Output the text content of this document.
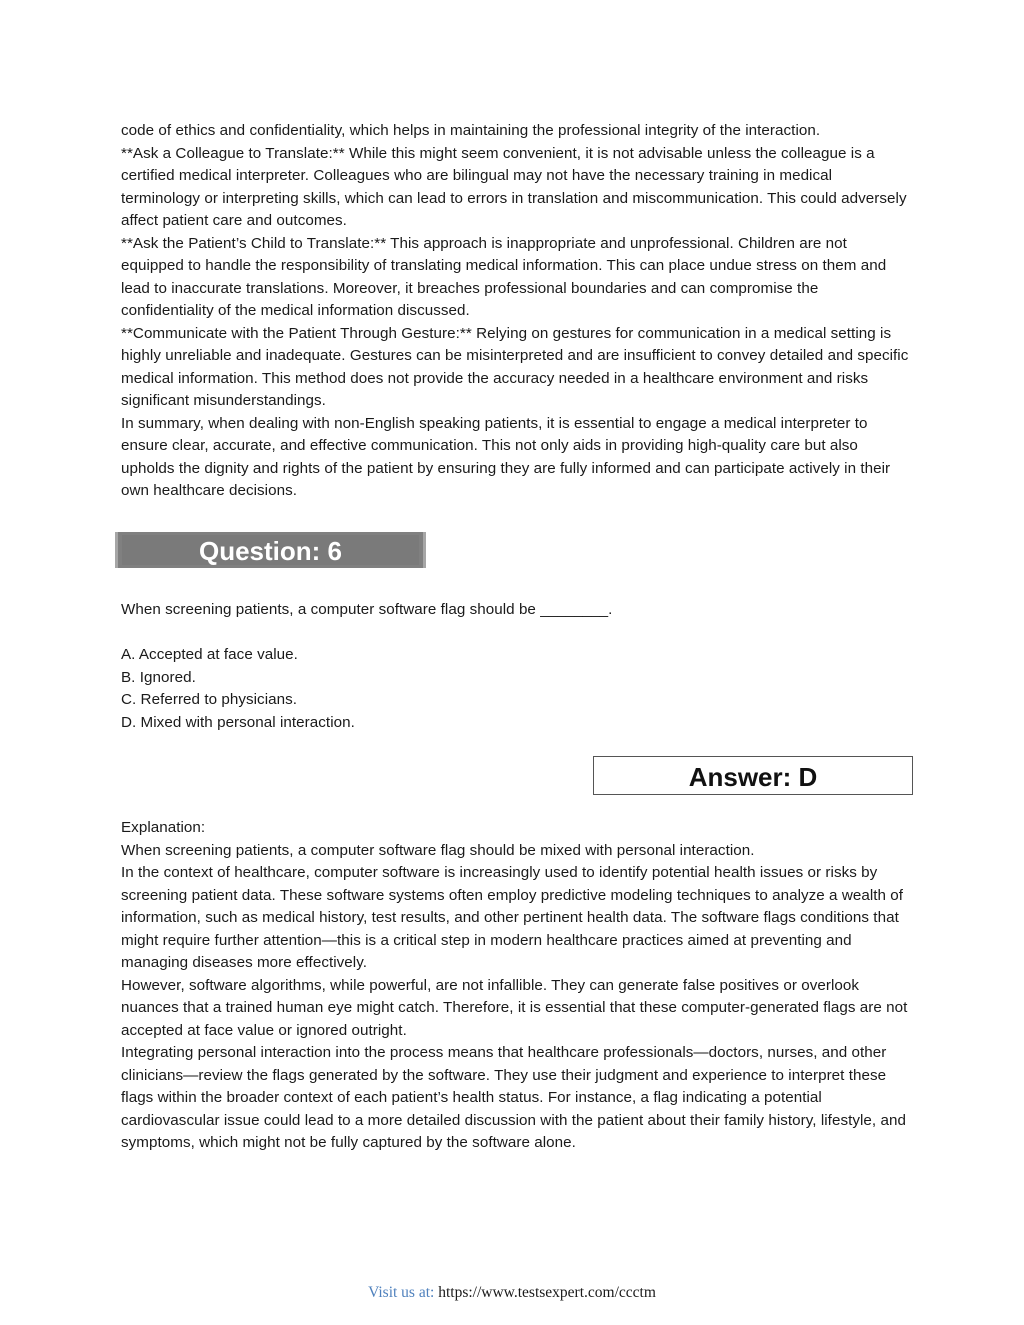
code of ethics and confidentiality, which helps in maintaining the professional integrity of the interaction.

**Ask a Colleague to Translate:** While this might seem convenient, it is not advisable unless the colleague is a certified medical interpreter. Colleagues who are bilingual may not have the necessary training in medical terminology or interpreting skills, which can lead to errors in translation and miscommunication. This could adversely affect patient care and outcomes.

**Ask the Patient’s Child to Translate:** This approach is inappropriate and unprofessional. Children are not equipped to handle the responsibility of translating medical information. This can place undue stress on them and lead to inaccurate translations. Moreover, it breaches professional boundaries and can compromise the confidentiality of the medical information discussed.

**Communicate with the Patient Through Gesture:** Relying on gestures for communication in a medical setting is highly unreliable and inadequate. Gestures can be misinterpreted and are insufficient to convey detailed and specific medical information. This method does not provide the accuracy needed in a healthcare environment and risks significant misunderstandings.

In summary, when dealing with non-English speaking patients, it is essential to engage a medical interpreter to ensure clear, accurate, and effective communication. This not only aids in providing high-quality care but also upholds the dignity and rights of the patient by ensuring they are fully informed and can participate actively in their own healthcare decisions.

Question: 6

When screening patients, a computer software flag should be ________.

A. Accepted at face value.

B. Ignored.

C. Referred to physicians.

D. Mixed with personal interaction.

Answer: D

Explanation:

When screening patients, a computer software flag should be mixed with personal interaction.

In the context of healthcare, computer software is increasingly used to identify potential health issues or risks by screening patient data. These software systems often employ predictive modeling techniques to analyze a wealth of information, such as medical history, test results, and other pertinent health data. The software flags conditions that might require further attention—this is a critical step in modern healthcare practices aimed at preventing and managing diseases more effectively.

However, software algorithms, while powerful, are not infallible. They can generate false positives or overlook nuances that a trained human eye might catch. Therefore, it is essential that these computer-generated flags are not accepted at face value or ignored outright.

Integrating personal interaction into the process means that healthcare professionals—doctors, nurses, and other clinicians—review the flags generated by the software. They use their judgment and experience to interpret these flags within the broader context of each patient’s health status. For instance, a flag indicating a potential cardiovascular issue could lead to a more detailed discussion with the patient about their family history, lifestyle, and symptoms, which might not be fully captured by the software alone.

Visit us at: https://www.testsexpert.com/ccctm
